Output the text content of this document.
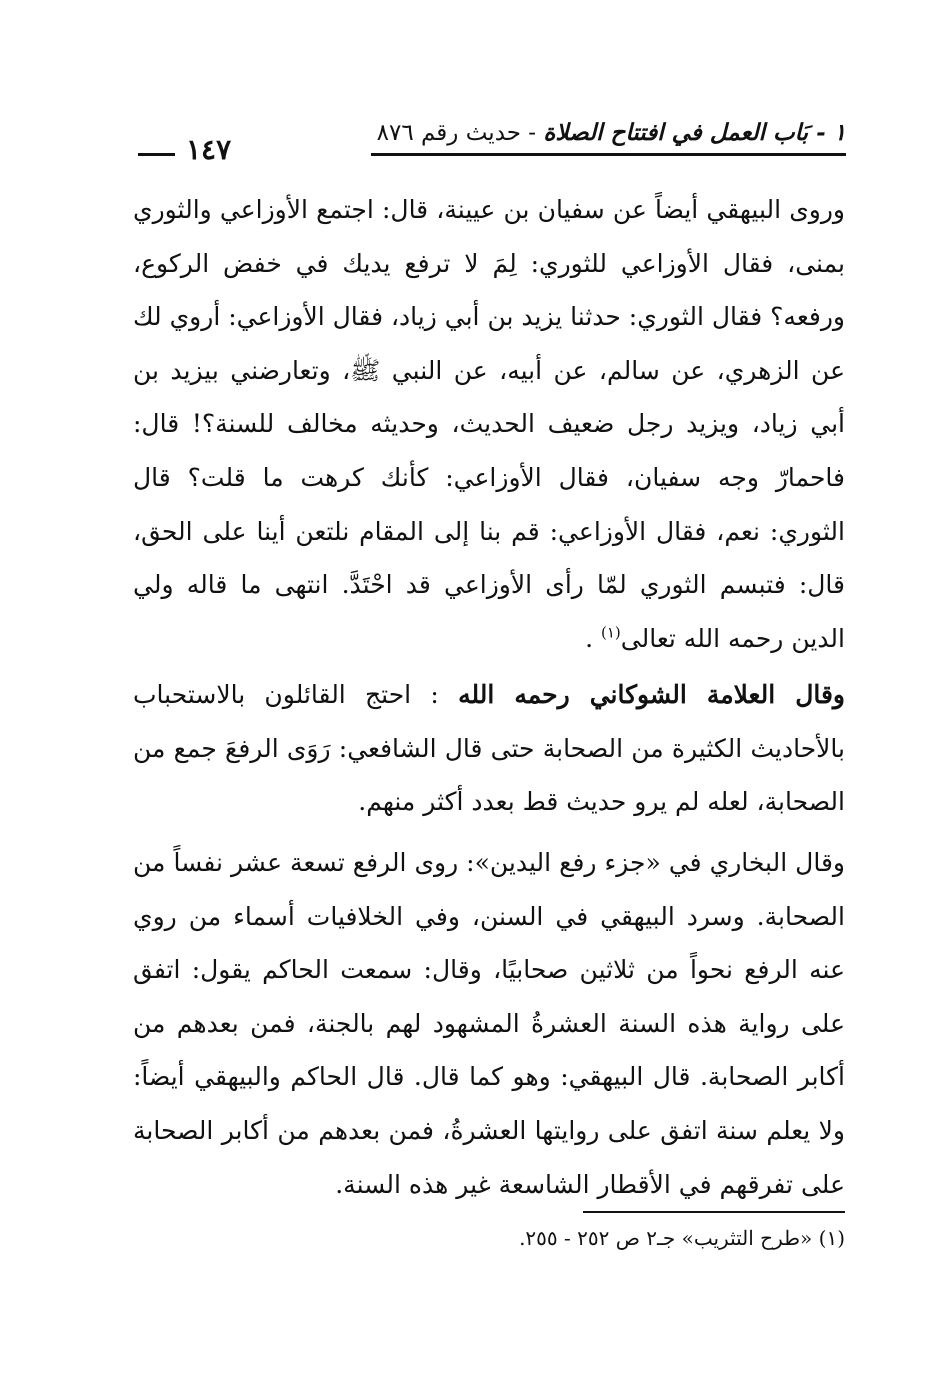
١ - بَاب العمل في افتتاح الصلاة - حديث رقم ٨٧٦
١٤٧

وروى البيهقي أيضاً عن سفيان بن عيينة، قال: اجتمع الأوزاعي والثوري بمنى، فقال الأوزاعي للثوري: لِمَ لا ترفع يديك في خفض الركوع، ورفعه؟ فقال الثوري: حدثنا يزيد بن أبي زياد، فقال الأوزاعي: أروي لك عن الزهري، عن سالم، عن أبيه، عن النبي ﷺ، وتعارضني بيزيد بن أبي زياد، ويزيد رجل ضعيف الحديث، وحديثه مخالف للسنة؟! قال: فاحمارّ وجه سفيان، فقال الأوزاعي: كأنك كرهت ما قلت؟ قال الثوري: نعم، فقال الأوزاعي: قم بنا إلى المقام نلتعن أينا على الحق، قال: فتبسم الثوري لمّا رأى الأوزاعي قد احْتَدَّ. انتهى ما قاله ولي الدين رحمه الله تعالى$^{(١)}$ .

وقال العلامة الشوكاني رحمه الله : احتج القائلون بالاستحباب بالأحاديث الكثيرة من الصحابة حتى قال الشافعي: رَوَى الرفعَ جمع من الصحابة، لعله لم يرو حديث قط بعدد أكثر منهم.

وقال البخاري في «جزء رفع اليدين»: روى الرفع تسعة عشر نفساً من الصحابة. وسرد البيهقي في السنن، وفي الخلافيات أسماء من روي عنه الرفع نحواً من ثلاثين صحابيًا، وقال: سمعت الحاكم يقول: اتفق على رواية هذه السنة العشرةُ المشهود لهم بالجنة، فمن بعدهم من أكابر الصحابة. قال البيهقي: وهو كما قال. قال الحاكم والبيهقي أيضاً: ولا يعلم سنة اتفق على روايتها العشرةُ، فمن بعدهم من أكابر الصحابة على تفرقهم في الأقطار الشاسعة غير هذه السنة.

(١) «طرح التثريب» جـ٢ ص ٢٥٢ - ٢٥٥.
